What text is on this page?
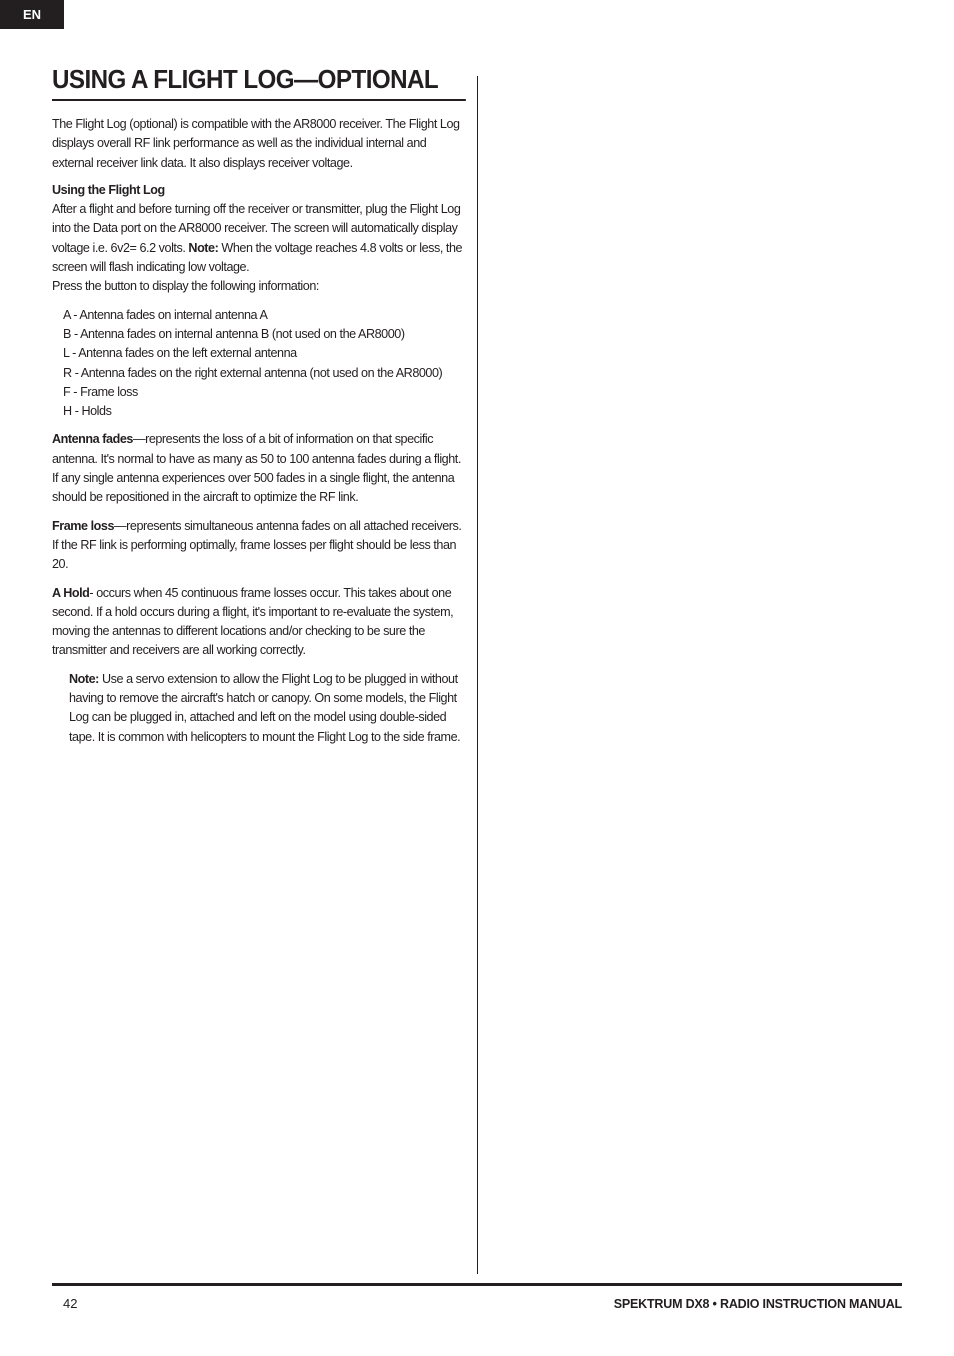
EN
USING A FLIGHT LOG—OPTIONAL

The Flight Log (optional) is compatible with the AR8000 receiver. The Flight Log displays overall RF link performance as well as the individual internal and external receiver link data. It also displays receiver voltage.

Using the Flight Log

After a flight and before turning off the receiver or transmitter, plug the Flight Log into the Data port on the AR8000 receiver. The screen will automatically display voltage i.e. 6v2= 6.2 volts. Note: When the voltage reaches 4.8 volts or less, the screen will flash indicating low voltage.

Press the button to display the following information:

A - Antenna fades on internal antenna A
B - Antenna fades on internal antenna B (not used on the AR8000)
L - Antenna fades on the left external antenna
R - Antenna fades on the right external antenna (not used on the AR8000)
F - Frame loss
H - Holds

Antenna fades—represents the loss of a bit of information on that specific antenna. It's normal to have as many as 50 to 100 antenna fades during a flight. If any single antenna experiences over 500 fades in a single flight, the antenna should be repositioned in the aircraft to optimize the RF link.

Frame loss—represents simultaneous antenna fades on all attached receivers. If the RF link is performing optimally, frame losses per flight should be less than 20.

A Hold- occurs when 45 continuous frame losses occur. This takes about one second. If a hold occurs during a flight, it's important to re-evaluate the system, moving the antennas to different locations and/or checking to be sure the transmitter and receivers are all working correctly.

Note: Use a servo extension to allow the Flight Log to be plugged in without having to remove the aircraft's hatch or canopy. On some models, the Flight Log can be plugged in, attached and left on the model using double-sided tape. It is common with helicopters to mount the Flight Log to the side frame.

42	SPEKTRUM DX8 • RADIO INSTRUCTION MANUAL
